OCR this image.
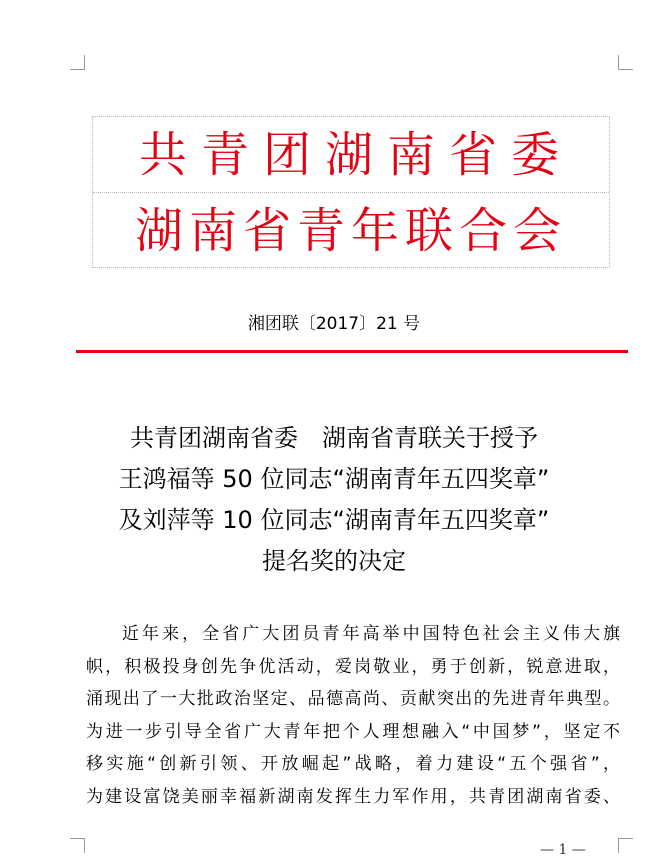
共青团湖南省委
湖南省青年联合会
湘团联〔2017〕21 号
共青团湖南省委　湖南省青联关于授予
王鸿福等 50 位同志“湖南青年五四奖章”
及刘萍等 10 位同志“湖南青年五四奖章”
提名奖的决定
近年来，全省广大团员青年高举中国特色社会主义伟大旗
帜，积极投身创先争优活动，爱岗敬业，勇于创新，锐意进取，
涌现出了一大批政治坚定、品德高尚、贡献突出的先进青年典型。
为进一步引导全省广大青年把个人理想融入“中国梦”，坚定不
移实施“创新引领、开放崛起”战略，着力建设“五个强省”，
为建设富饶美丽幸福新湖南发挥生力军作用，共青团湖南省委、
— 1 —
